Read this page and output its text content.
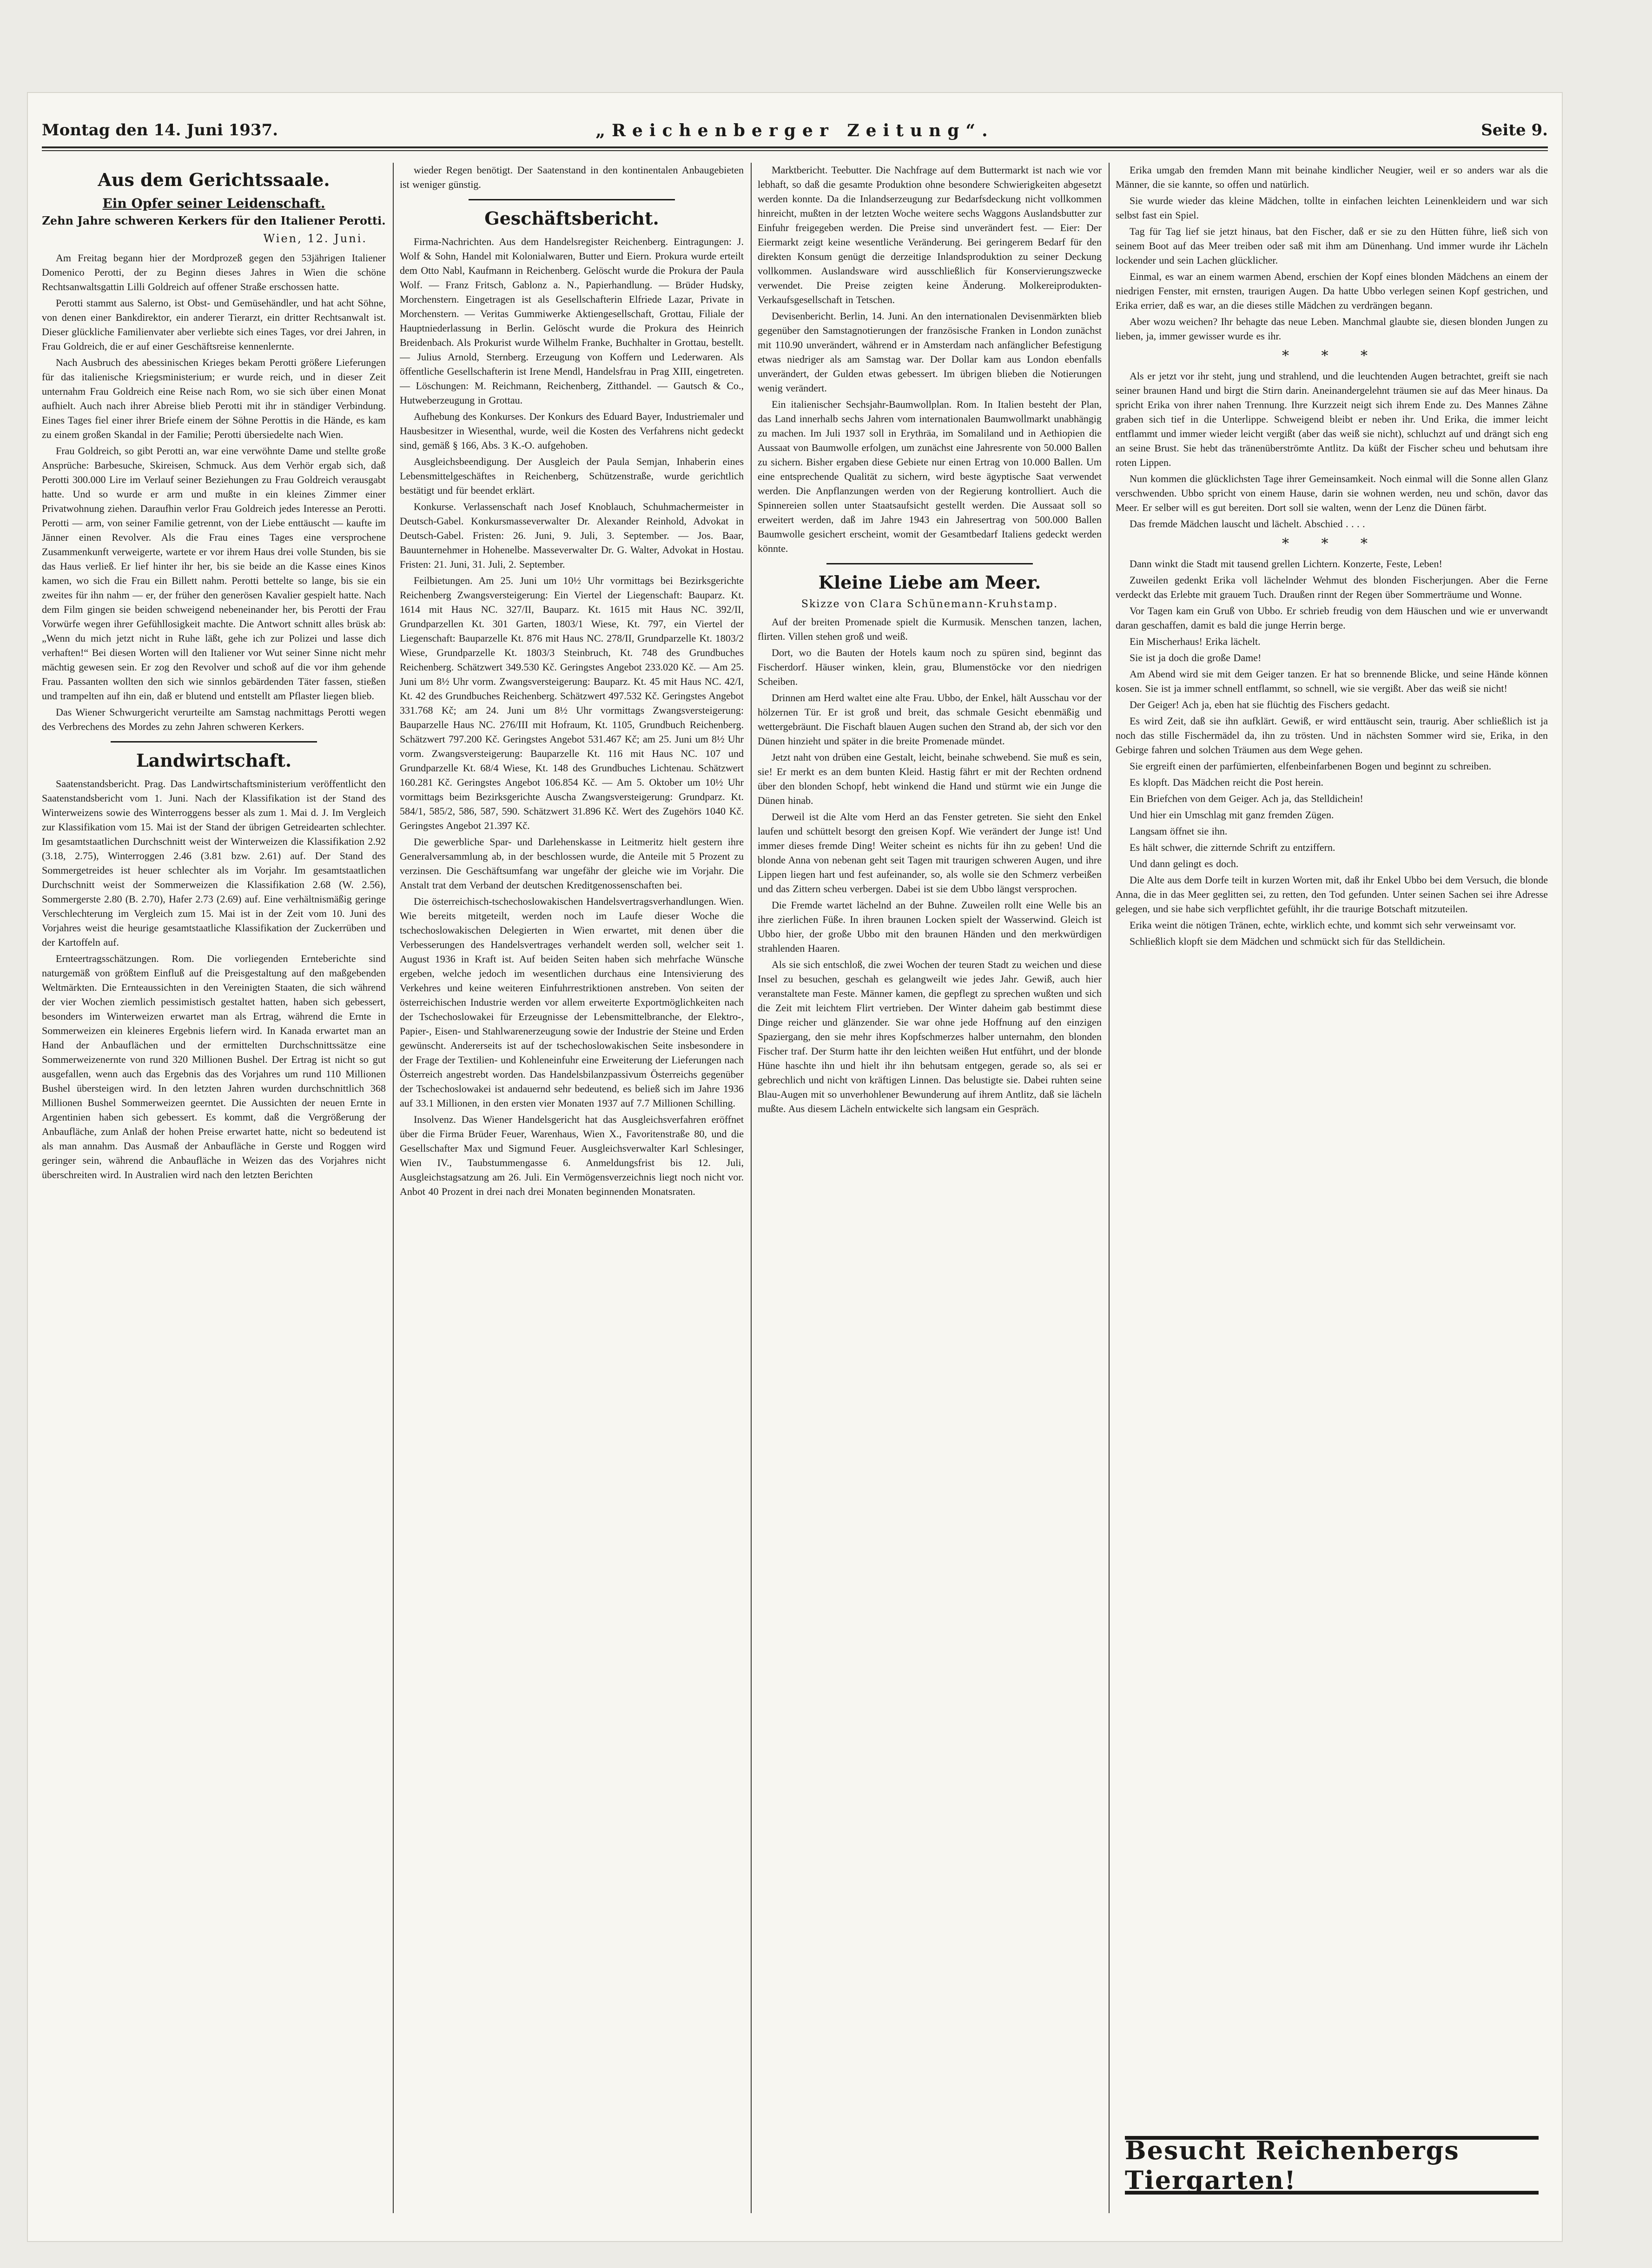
Montag den 14. Juni 1937.	„Reichenberger Zeitung“.	Seite 9.
Aus dem Gerichtssaale.
Ein Opfer seiner Leidenschaft.
Zehn Jahre schweren Kerkers für den Italiener Perotti.
Wien, 12. Juni.

Am Freitag begann hier der Mordprozeß gegen den 53jährigen Italiener Domenico Perotti, der zu Beginn dieses Jahres in Wien die schöne Rechtsanwaltsgattin Lilli Goldreich auf offener Straße erschossen hatte.

Perotti stammt aus Salerno, ist Obst- und Gemüsehändler, und hat acht Söhne, von denen einer Bankdirektor, ein anderer Tierarzt, ein dritter Rechtsanwalt ist. Dieser glückliche Familienvater aber verliebte sich eines Tages, vor drei Jahren, in Frau Goldreich, die er auf einer Geschäftsreise kennenlernte.

Nach Ausbruch des abessinischen Krieges bekam Perotti größere Lieferungen für das italienische Kriegsministerium; er wurde reich, und in dieser Zeit unternahm Frau Goldreich eine Reise nach Rom, wo sie sich über einen Monat aufhielt. Auch nach ihrer Abreise blieb Perotti mit ihr in ständiger Verbindung. Eines Tages fiel einer ihrer Briefe einem der Söhne Perottis in die Hände, es kam zu einem großen Skandal in der Familie; Perotti übersiedelte nach Wien.

Frau Goldreich, so gibt Perotti an, war eine verwöhnte Dame und stellte große Ansprüche: Barbesuche, Skireisen, Schmuck. Aus dem Verhör ergab sich, daß Perotti 300.000 Lire im Verlauf seiner Beziehungen zu Frau Goldreich verausgabt hatte. Und so wurde er arm und mußte in ein kleines Zimmer einer Privatwohnung ziehen. Daraufhin verlor Frau Goldreich jedes Interesse an Perotti. Perotti — arm, von seiner Familie getrennt, von der Liebe enttäuscht — kaufte im Jänner einen Revolver. Als die Frau eines Tages eine versprochene Zusammenkunft verweigerte, wartete er vor ihrem Haus drei volle Stunden, bis sie das Haus verließ. Er lief hinter ihr her, bis sie beide an die Kasse eines Kinos kamen, wo sich die Frau ein Billett nahm. Perotti bettelte so lange, bis sie ein zweites für ihn nahm — er, der früher den generösen Kavalier gespielt hatte. Nach dem Film gingen sie beiden schweigend nebeneinander her, bis Perotti der Frau Vorwürfe wegen ihrer Gefühllosigkeit machte. Die Antwort schnitt alles brüsk ab: „Wenn du mich jetzt nicht in Ruhe läßt, gehe ich zur Polizei und lasse dich verhaften!“ Bei diesen Worten will den Italiener vor Wut seiner Sinne nicht mehr mächtig gewesen sein. Er zog den Revolver und schoß auf die vor ihm gehende Frau. Passanten wollten den sich wie sinnlos gebärdenden Täter fassen, stießen und trampelten auf ihn ein, daß er blutend und entstellt am Pflaster liegen blieb.

Das Wiener Schwurgericht verurteilte am Samstag nachmittags Perotti wegen des Verbrechens des Mordes zu zehn Jahren schweren Kerkers.

Landwirtschaft.

Saatenstandsbericht. Prag. Das Landwirtschaftsministerium veröffentlicht den Saatenstandsbericht vom 1. Juni. Nach der Klassifikation ist der Stand des Winterweizens sowie des Winterroggens besser als zum 1. Mai d. J. Im Vergleich zur Klassifikation vom 15. Mai ist der Stand der übrigen Getreidearten schlechter. Im gesamtstaatlichen Durchschnitt weist der Winterweizen die Klassifikation 2.92 (3.18, 2.75), Winterroggen 2.46 (3.81 bzw. 2.61) auf. Der Stand des Sommergetreides ist heuer schlechter als im Vorjahr. Im gesamtstaatlichen Durchschnitt weist der Sommerweizen die Klassifikation 2.68 (W. 2.56), Sommergerste 2.80 (B. 2.70), Hafer 2.73 (2.69) auf. Eine verhältnismäßig geringe Verschlechterung im Vergleich zum 15. Mai ist in der Zeit vom 10. Juni des Vorjahres weist die heurige gesamtstaatliche Klassifikation der Zuckerrüben und der Kartoffeln auf.

Ernteertragsschätzungen. Rom. Die vorliegenden Ernteberichte sind naturgemäß von größtem Einfluß auf die Preisgestaltung auf den maßgebenden Weltmärkten. Die Ernteaussichten in den Vereinigten Staaten, die sich während der vier Wochen ziemlich pessimistisch gestaltet hatten, haben sich gebessert, besonders im Winterweizen erwartet man als Ertrag, während die Ernte in Sommerweizen ein kleineres Ergebnis liefern wird. In Kanada erwartet man an Hand der Anbauflächen und der ermittelten Durchschnittssätze eine Sommerweizenernte von rund 320 Millionen Bushel. Der Ertrag ist nicht so gut ausgefallen, wenn auch das Ergebnis das des Vorjahres um rund 110 Millionen Bushel übersteigen wird. In den letzten Jahren wurden durchschnittlich 368 Millionen Bushel Sommerweizen geerntet. Die Aussichten der neuen Ernte in Argentinien haben sich gebessert. Es kommt, daß die Vergrößerung der Anbaufläche, zum Anlaß der hohen Preise erwartet hatte, nicht so bedeutend ist als man annahm. Das Ausmaß der Anbaufläche in Gerste und Roggen wird geringer sein, während die Anbaufläche in Weizen das des Vorjahres nicht überschreiten wird. In Australien wird nach den letzten Berichten

wieder Regen benötigt. Der Saatenstand in den kontinentalen Anbaugebieten ist weniger günstig.

Geschäftsbericht.

Firma-Nachrichten. Aus dem Handelsregister Reichenberg. Eintragungen: J. Wolf & Sohn, Handel mit Kolonialwaren, Butter und Eiern. Prokura wurde erteilt dem Otto Nabl, Kaufmann in Reichenberg. Gelöscht wurde die Prokura der Paula Wolf. — Franz Fritsch, Gablonz a. N., Papierhandlung. — Brüder Hudsky, Morchenstern. Eingetragen ist als Gesellschafterin Elfriede Lazar, Private in Morchenstern. — Veritas Gummiwerke Aktiengesellschaft, Grottau, Filiale der Hauptniederlassung in Berlin. Gelöscht wurde die Prokura des Heinrich Breidenbach. Als Prokurist wurde Wilhelm Franke, Buchhalter in Grottau, bestellt. — Julius Arnold, Sternberg. Erzeugung von Koffern und Lederwaren. Als öffentliche Gesellschafterin ist Irene Mendl, Handelsfrau in Prag XIII, eingetreten. — Löschungen: M. Reichmann, Reichenberg, Zitthandel. — Gautsch & Co., Hutweberzeugung in Grottau.

Aufhebung des Konkurses. Der Konkurs des Eduard Bayer, Industriemaler und Hausbesitzer in Wiesenthal, wurde, weil die Kosten des Verfahrens nicht gedeckt sind, gemäß § 166, Abs. 3 K.-O. aufgehoben.

Ausgleichsbeendigung. Der Ausgleich der Paula Semjan, Inhaberin eines Lebensmittelgeschäftes in Reichenberg, Schützenstraße, wurde gerichtlich bestätigt und für beendet erklärt.

Konkurse. Verlassenschaft nach Josef Knoblauch, Schuhmachermeister in Deutsch-Gabel. Konkursmasseverwalter Dr. Alexander Reinhold, Advokat in Deutsch-Gabel. Fristen: 26. Juni, 9. Juli, 3. September. — Jos. Baar, Bauunternehmer in Hohenelbe. Masseverwalter Dr. G. Walter, Advokat in Hostau. Fristen: 21. Juni, 31. Juli, 2. September.

Feilbietungen. Am 25. Juni um 10½ Uhr vormittags bei Bezirksgerichte Reichenberg Zwangsversteigerung: Ein Viertel der Liegenschaft: Bauparz. Kt. 1614 mit Haus NC. 327/II, Bauparz. Kt. 1615 mit Haus NC. 392/II, Grundparzellen Kt. 301 Garten, 1803/1 Wiese, Kt. 797, ein Viertel der Liegenschaft: Bauparzelle Kt. 876 mit Haus NC. 278/II, Grundparzelle Kt. 1803/2 Wiese, Grundparzelle Kt. 1803/3 Steinbruch, Kt. 748 des Grundbuches Reichenberg. Schätzwert 349.530 Kč. Geringstes Angebot 233.020 Kč. — Am 25. Juni um 8½ Uhr vorm. Zwangsversteigerung: Bauparz. Kt. 45 mit Haus NC. 42/I, Kt. 42 des Grundbuches Reichenberg. Schätzwert 497.532 Kč. Geringstes Angebot 331.768 Kč; am 24. Juni um 8½ Uhr vormittags Zwangsversteigerung: Bauparzelle Haus NC. 276/III mit Hofraum, Kt. 1105, Grundbuch Reichenberg. Schätzwert 797.200 Kč. Geringstes Angebot 531.467 Kč; am 25. Juni um 8½ Uhr vorm. Zwangsversteigerung: Bauparzelle Kt. 116 mit Haus NC. 107 und Grundparzelle Kt. 68/4 Wiese, Kt. 148 des Grundbuches Lichtenau. Schätzwert 160.281 Kč. Geringstes Angebot 106.854 Kč. — Am 5. Oktober um 10½ Uhr vormittags beim Bezirksgerichte Auscha Zwangsversteigerung: Grundparz. Kt. 584/1, 585/2, 586, 587, 590. Schätzwert 31.896 Kč. Wert des Zugehörs 1040 Kč. Geringstes Angebot 21.397 Kč.

Die gewerbliche Spar- und Darlehenskasse in Leitmeritz hielt gestern ihre Generalversammlung ab, in der beschlossen wurde, die Anteile mit 5 Prozent zu verzinsen. Die Geschäftsumfang war ungefähr der gleiche wie im Vorjahr. Die Anstalt trat dem Verband der deutschen Kreditgenossenschaften bei.

Die österreichisch-tschechoslowakischen Handelsvertragsverhandlungen. Wien. Wie bereits mitgeteilt, werden noch im Laufe dieser Woche die tschechoslowakischen Delegierten in Wien erwartet, mit denen über die Verbesserungen des Handelsvertrages verhandelt werden soll, welcher seit 1. August 1936 in Kraft ist. Auf beiden Seiten haben sich mehrfache Wünsche ergeben, welche jedoch im wesentlichen durchaus eine Intensivierung des Verkehres und keine weiteren Einfuhrrestriktionen anstreben. Von seiten der österreichischen Industrie werden vor allem erweiterte Exportmöglichkeiten nach der Tschechoslowakei für Erzeugnisse der Lebensmittelbranche, der Elektro-, Papier-, Eisen- und Stahlwarenerzeugung sowie der Industrie der Steine und Erden gewünscht. Andererseits ist auf der tschechoslowakischen Seite insbesondere in der Frage der Textilien- und Kohleneinfuhr eine Erweiterung der Lieferungen nach Österreich angestrebt worden. Das Handelsbilanzpassivum Österreichs gegenüber der Tschechoslowakei ist andauernd sehr bedeutend, es beließ sich im Jahre 1936 auf 33.1 Millionen, in den ersten vier Monaten 1937 auf 7.7 Millionen Schilling.

Insolvenz. Das Wiener Handelsgericht hat das Ausgleichsverfahren eröffnet über die Firma Brüder Feuer, Warenhaus, Wien X., Favoritenstraße 80, und die Gesellschafter Max und Sigmund Feuer. Ausgleichsverwalter Karl Schlesinger, Wien IV., Taubstummengasse 6. Anmeldungsfrist bis 12. Juli, Ausgleichstagsatzung am 26. Juli. Ein Vermögensverzeichnis liegt noch nicht vor. Anbot 40 Prozent in drei nach drei Monaten beginnenden Monatsraten.

Marktbericht. Teebutter. Die Nachfrage auf dem Buttermarkt ist nach wie vor lebhaft, so daß die gesamte Produktion ohne besondere Schwierigkeiten abgesetzt werden konnte. Da die Inlandserzeugung zur Bedarfsdeckung nicht vollkommen hinreicht, mußten in der letzten Woche weitere sechs Waggons Auslandsbutter zur Einfuhr freigegeben werden. Die Preise sind unverändert fest. — Eier: Der Eiermarkt zeigt keine wesentliche Veränderung. Bei geringerem Bedarf für den direkten Konsum genügt die derzeitige Inlandsproduktion zu seiner Deckung vollkommen. Auslandsware wird ausschließlich für Konservierungszwecke verwendet. Die Preise zeigten keine Änderung. Molkereiprodukten-Verkaufsgesellschaft in Tetschen.

Devisenbericht. Berlin, 14. Juni. An den internationalen Devisenmärkten blieb gegenüber den Samstagnotierungen der französische Franken in London zunächst mit 110.90 unverändert, während er in Amsterdam nach anfänglicher Befestigung etwas niedriger als am Samstag war. Der Dollar kam aus London ebenfalls unverändert, der Gulden etwas gebessert. Im übrigen blieben die Notierungen wenig verändert.

Ein italienischer Sechsjahr-Baumwollplan. Rom. In Italien besteht der Plan, das Land innerhalb sechs Jahren vom internationalen Baumwollmarkt unabhängig zu machen. Im Juli 1937 soll in Erythräa, im Somaliland und in Aethiopien die Aussaat von Baumwolle erfolgen, um zunächst eine Jahresrente von 50.000 Ballen zu sichern. Bisher ergaben diese Gebiete nur einen Ertrag von 10.000 Ballen. Um eine entsprechende Qualität zu sichern, wird beste ägyptische Saat verwendet werden. Die Anpflanzungen werden von der Regierung kontrolliert. Auch die Spinnereien sollen unter Staatsaufsicht gestellt werden. Die Aussaat soll so erweitert werden, daß im Jahre 1943 ein Jahresertrag von 500.000 Ballen Baumwolle gesichert erscheint, womit der Gesamtbedarf Italiens gedeckt werden könnte.

Kleine Liebe am Meer.
Skizze von Clara Schünemann-Kruhstamp.

Auf der breiten Promenade spielt die Kurmusik. Menschen tanzen, lachen, flirten. Villen stehen groß und weiß.

Dort, wo die Bauten der Hotels kaum noch zu spüren sind, beginnt das Fischerdorf. Häuser winken, klein, grau, Blumenstöcke vor den niedrigen Scheiben.

Drinnen am Herd waltet eine alte Frau. Ubbo, der Enkel, hält Ausschau vor der hölzernen Tür. Er ist groß und breit, das schmale Gesicht ebenmäßig und wettergebräunt. Die Fischaft blauen Augen suchen den Strand ab, der sich vor den Dünen hinzieht und später in die breite Promenade mündet.

Jetzt naht von drüben eine Gestalt, leicht, beinahe schwebend. Sie muß es sein, sie! Er merkt es an dem bunten Kleid. Hastig fährt er mit der Rechten ordnend über den blonden Schopf, hebt winkend die Hand und stürmt wie ein Junge die Dünen hinab.

Derweil ist die Alte vom Herd an das Fenster getreten. Sie sieht den Enkel laufen und schüttelt besorgt den greisen Kopf. Wie verändert der Junge ist! Und immer dieses fremde Ding! Weiter scheint es nichts für ihn zu geben! Und die blonde Anna von nebenan geht seit Tagen mit traurigen schweren Augen, und ihre Lippen liegen hart und fest aufeinander, so, als wolle sie den Schmerz verbeißen und das Zittern scheu verbergen. Dabei ist sie dem Ubbo längst versprochen.

Die Fremde wartet lächelnd an der Buhne. Zuweilen rollt eine Welle bis an ihre zierlichen Füße. In ihren braunen Locken spielt der Wasserwind. Gleich ist Ubbo hier, der große Ubbo mit den braunen Händen und den merkwürdigen strahlenden Haaren.

Als sie sich entschloß, die zwei Wochen der teuren Stadt zu weichen und diese Insel zu besuchen, geschah es gelangweilt wie jedes Jahr. Gewiß, auch hier veranstaltete man Feste. Männer kamen, die gepflegt zu sprechen wußten und sich die Zeit mit leichtem Flirt vertrieben. Der Winter daheim gab bestimmt diese Dinge reicher und glänzender. Sie war ohne jede Hoffnung auf den einzigen Spaziergang, den sie mehr ihres Kopfschmerzes halber unternahm, den blonden Fischer traf. Der Sturm hatte ihr den leichten weißen Hut entführt, und der blonde Hüne haschte ihn und hielt ihr ihn behutsam entgegen, gerade so, als sei er gebrechlich und nicht von kräftigen Linnen. Das belustigte sie. Dabei ruhten seine Blau-Augen mit so unverhohlener Bewunderung auf ihrem Antlitz, daß sie lächeln mußte. Aus diesem Lächeln entwickelte sich langsam ein Gespräch.

Erika umgab den fremden Mann mit beinahe kindlicher Neugier, weil er so anders war als die Männer, die sie kannte, so offen und natürlich.

Sie wurde wieder das kleine Mädchen, tollte in einfachen leichten Leinenkleidern und war sich selbst fast ein Spiel.

Tag für Tag lief sie jetzt hinaus, bat den Fischer, daß er sie zu den Hütten führe, ließ sich von seinem Boot auf das Meer treiben oder saß mit ihm am Dünenhang. Und immer wurde ihr Lächeln lockender und sein Lachen glücklicher.

Einmal, es war an einem warmen Abend, erschien der Kopf eines blonden Mädchens an einem der niedrigen Fenster, mit ernsten, traurigen Augen. Da hatte Ubbo verlegen seinen Kopf gestrichen, und Erika errieт, daß es war, an die dieses stille Mädchen zu verdrängen begann.

Aber wozu weichen? Ihr behagte das neue Leben. Manchmal glaubte sie, diesen blonden Jungen zu lieben, ja, immer gewisser wurde es ihr.

* * *

Als er jetzt vor ihr steht, jung und strahlend, und die leuchtenden Augen betrachtet, greift sie nach seiner braunen Hand und birgt die Stirn darin. Aneinandergelehnt träumen sie auf das Meer hinaus. Da spricht Erika von ihrer nahen Trennung. Ihre Kurzzeit neigt sich ihrem Ende zu. Des Mannes Zähne graben sich tief in die Unterlippe. Schweigend bleibt er neben ihr. Und Erika, die immer leicht entflammt und immer wieder leicht vergißt (aber das weiß sie nicht), schluchzt auf und drängt sich eng an seine Brust. Sie hebt das tränenüberströmte Antlitz. Da küßt der Fischer scheu und behutsam ihre roten Lippen.

Nun kommen die glücklichsten Tage ihrer Gemeinsamkeit. Noch einmal will die Sonne allen Glanz verschwenden. Ubbo spricht von einem Hause, darin sie wohnen werden, neu und schön, davor das Meer. Er selber will es gut bereiten. Dort soll sie walten, wenn der Lenz die Dünen färbt.

Das fremde Mädchen lauscht und lächelt. Abschied . . . .

* * *

Dann winkt die Stadt mit tausend grellen Lichtern. Konzerte, Feste, Leben!

Zuweilen gedenkt Erika voll lächelnder Wehmut des blonden Fischerjungen. Aber die Ferne verdeckt das Erlebte mit grauem Tuch. Draußen rinnt der Regen über Sommerträume und Wonne.

Vor Tagen kam ein Gruß von Ubbo. Er schrieb freudig von dem Häuschen und wie er unverwandt daran geschaffen, damit es bald die junge Herrin berge.

Ein Mischerhaus! Erika lächelt.

Sie ist ja doch die große Dame!

Am Abend wird sie mit dem Geiger tanzen. Er hat so brennende Blicke, und seine Hände können kosen. Sie ist ja immer schnell entflammt, so schnell, wie sie vergißt. Aber das weiß sie nicht!

Der Geiger! Ach ja, eben hat sie flüchtig des Fischers gedacht.

Es wird Zeit, daß sie ihn aufklärt. Gewiß, er wird enttäuscht sein, traurig. Aber schließlich ist ja noch das stille Fischermädel da, ihn zu trösten. Und in nächsten Sommer wird sie, Erika, in den Gebirge fahren und solchen Träumen aus dem Wege gehen.

Sie ergreift einen der parfümierten, elfenbeinfarbenen Bogen und beginnt zu schreiben.

Es klopft. Das Mädchen reicht die Post herein.

Ein Briefchen von dem Geiger. Ach ja, das Stelldichein!

Und hier ein Umschlag mit ganz fremden Zügen.

Langsam öffnet sie ihn.

Es hält schwer, die zitternde Schrift zu entziffern.

Und dann gelingt es doch.

Die Alte aus dem Dorfe teilt in kurzen Worten mit, daß ihr Enkel Ubbo bei dem Versuch, die blonde Anna, die in das Meer geglitten sei, zu retten, den Tod gefunden. Unter seinen Sachen sei ihre Adresse gelegen, und sie habe sich verpflichtet gefühlt, ihr die traurige Botschaft mitzuteilen.

Erika weint die nötigen Tränen, echte, wirklich echte, und kommt sich sehr verweinsamt vor.

Schließlich klopft sie dem Mädchen und schmückt sich für das Stelldichein.

Besucht Reichenbergs Tiergarten!
